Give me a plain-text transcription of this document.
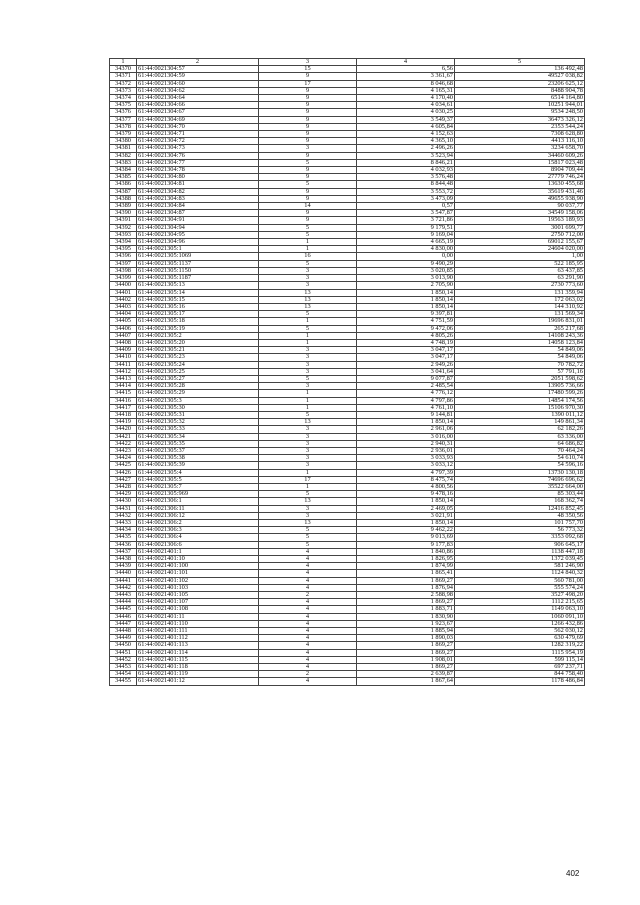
1	2	3	4	5
34370	61:44:0021304:57	15	6,56	136 492,48
34371	61:44:0021304:59	9	3 361,67	49527 038,82
34372	61:44:0021304:60	17	8 046,68	23206 625,12
34373	61:44:0021304:62	9	4 165,31	8488 904,78
34374	61:44:0021304:64	9	4 170,40	6514 164,80
34375	61:44:0021304:66	9	4 034,61	10251 944,01
34376	61:44:0021304:67	9	4 030,25	9534 248,50
34377	61:44:0021304:69	9	3 549,37	36473 326,12
34378	61:44:0021304:70	9	4 605,84	2353 544,24
34379	61:44:0021304:71	9	4 152,63	7308 628,80
34380	61:44:0021304:72	9	4 365,10	4413 116,10
34381	61:44:0021304:73	3	2 496,26	3234 658,70
34382	61:44:0021304:76	9	3 523,94	34460 609,26
34383	61:44:0021304:77	5	8 846,21	15817 023,48
34384	61:44:0021304:78	9	4 032,93	8904 709,44
34385	61:44:0021304:80	9	3 576,48	27779 746,24
34386	61:44:0021304:81	5	8 844,48	13630 455,68
34387	61:44:0021304:82	9	3 553,72	35619 431,46
34388	61:44:0021304:83	9	3 473,09	49655 938,90
34389	61:44:0021304:84	14	0,57	90 037,77
34390	61:44:0021304:87	9	3 547,87	34549 158,06
34391	61:44:0021304:91	9	3 721,86	19563 189,93
34392	61:44:0021304:94	5	9 179,51	3001 699,77
34393	61:44:0021304:95	5	9 169,04	2750 712,00
34394	61:44:0021304:96	1	4 665,19	69012 155,67
34395	61:44:0021305:1	1	4 830,00	24604 020,00
34396	61:44:0021305:1069	16	0,00	1,00
34397	61:44:0021305:1137	5	9 490,29	522 185,95
34398	61:44:0021305:1150	3	3 020,85	63 437,85
34399	61:44:0021305:1187	3	3 013,90	63 291,90
34400	61:44:0021305:13	3	2 705,90	2730 773,60
34401	61:44:0021305:14	13	1 850,14	131 359,94
34402	61:44:0021305:15	13	1 850,14	172 063,02
34403	61:44:0021305:16	13	1 850,14	144 310,92
34404	61:44:0021305:17	5	9 397,81	131 569,34
34405	61:44:0021305:18	1	4 751,59	19696 831,01
34406	61:44:0021305:19	5	9 472,06	265 217,68
34407	61:44:0021305:2	1	4 805,26	14108 243,36
34408	61:44:0021305:20	1	4 748,19	14058 123,84
34409	61:44:0021305:21	3	3 047,17	54 849,06
34410	61:44:0021305:23	3	3 047,17	54 849,06
34411	61:44:0021305:24	3	2 949,26	70 782,72
34412	61:44:0021305:25	3	3 041,64	57 791,16
34413	61:44:0021305:27	5	9 077,87	2051 598,62
34414	61:44:0021305:28	3	2 485,54	13905 736,66
34415	61:44:0021305:29	1	4 776,12	17480 599,26
34416	61:44:0021305:3	1	4 797,86	14854 174,56
34417	61:44:0021305:30	1	4 761,10	15106 970,30
34418	61:44:0021305:31	5	9 144,81	1390 011,12
34419	61:44:0021305:32	13	1 850,14	149 861,34
34420	61:44:0021305:33	3	2 961,06	62 182,26
34421	61:44:0021305:34	3	3 016,00	63 336,00
34422	61:44:0021305:35	3	2 940,31	64 686,82
34423	61:44:0021305:37	3	2 936,01	70 464,24
34424	61:44:0021305:38	3	3 033,93	54 610,74
34425	61:44:0021305:39	3	3 033,12	54 596,16
34426	61:44:0021305:4	1	4 797,39	13730 130,18
34427	61:44:0021305:5	17	8 475,74	74696 696,62
34428	61:44:0021305:7	1	4 800,56	35522 664,00
34429	61:44:0021305:969	5	9 478,16	85 303,44
34430	61:44:0021306:1	13	1 850,14	168 362,74
34431	61:44:0021306:11	3	2 469,05	12416 852,45
34432	61:44:0021306:12	3	3 021,91	48 350,56
34433	61:44:0021306:2	13	1 850,14	101 757,70
34434	61:44:0021306:3	5	9 462,22	56 773,32
34435	61:44:0021306:4	5	9 013,69	3353 092,68
34436	61:44:0021306:6	5	9 177,83	906 645,17
34437	61:44:0021401:1	4	1 840,86	1138 447,18
34438	61:44:0021401:10	4	1 826,95	1372 039,45
34439	61:44:0021401:100	4	1 874,99	581 246,90
34440	61:44:0021401:101	4	1 865,41	1124 840,32
34441	61:44:0021401:102	4	1 869,27	560 781,00
34442	61:44:0021401:103	4	1 876,94	555 574,24
34443	61:44:0021401:105	2	2 588,98	3527 498,20
34444	61:44:0021401:107	4	1 869,27	1112 215,65
34445	61:44:0021401:108	4	1 883,71	1149 063,10
34446	61:44:0021401:11	4	1 830,90	1060 091,10
34447	61:44:0021401:110	4	1 923,67	1266 432,86
34448	61:44:0021401:111	4	1 885,94	562 030,12
34449	61:44:0021401:112	4	1 890,03	630 479,69
34450	61:44:0021401:113	4	1 869,27	1282 319,22
34451	61:44:0021401:114	4	1 869,27	1115 954,19
34452	61:44:0021401:115	4	1 908,01	599 115,14
34453	61:44:0021401:118	4	1 869,27	697 237,71
34454	61:44:0021401:119	2	2 639,87	844 758,40
34455	61:44:0021401:12	4	1 867,64	1178 486,84
402
